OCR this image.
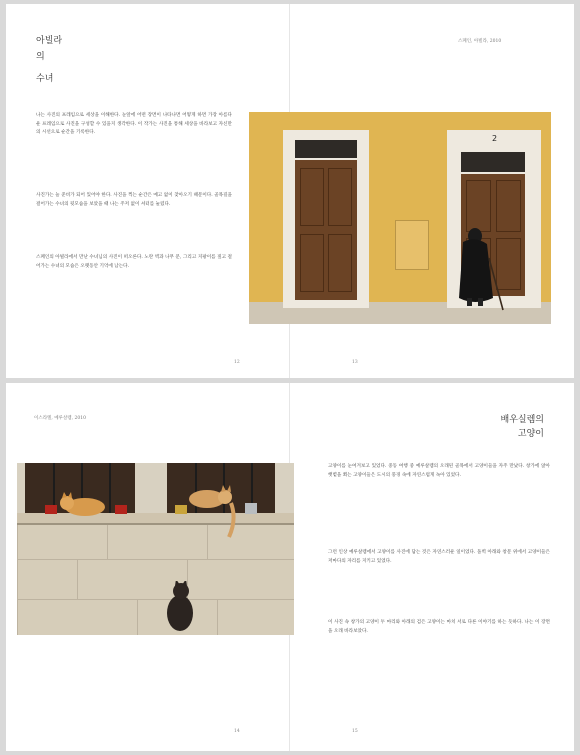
아빌라
의
수녀
스페인, 아빌라, 2010
나는 사진의 프레임으로 세상을 이해한다. 눈앞에 어떤 장면이 나타나면 어떻게 하면 가장 아름다운 프레임으로 사진을 구성할 수 있을지 생각한다. 이 작가는 사진을 통해 세상을 바라보고 자신만의 시선으로 순간을 기록한다.
사진가는 늘 준비가 되어 있어야 한다. 사진을 찍는 순간은 예고 없이 찾아오기 때문이다. 골목길을 걸어가는 수녀의 뒷모습을 보았을 때 나는 주저 없이 셔터를 눌렀다.
스페인의 아빌라에서 만난 수녀님의 사진이 떠오른다. 노란 벽과 나무 문, 그리고 지팡이를 짚고 걸어가는 수녀의 모습은 오랫동안 기억에 남는다.
2
12	13
이스라엘, 예루살렘, 2010	배우실렘의
고양이
고양이를 눈여겨보고 있었다. 중동 여행 중 예루살렘의 오래된 골목에서 고양이들을 자주 만났다. 창가에 앉아 햇볕을 쬐는 고양이들은 도시의 풍경 속에 자연스럽게 녹아 있었다.
그런 인상 예루살렘에서 고양이를 사진에 담는 것은 자연스러운 일이었다. 돌벽 아래와 창문 위에서 고양이들은 저마다의 자리를 지키고 있었다.
이 사진 속 창가의 고양이 두 마리와 아래의 검은 고양이는 마치 서로 다른 이야기를 하는 듯하다. 나는 이 장면을 오래 바라보았다.
14	15
